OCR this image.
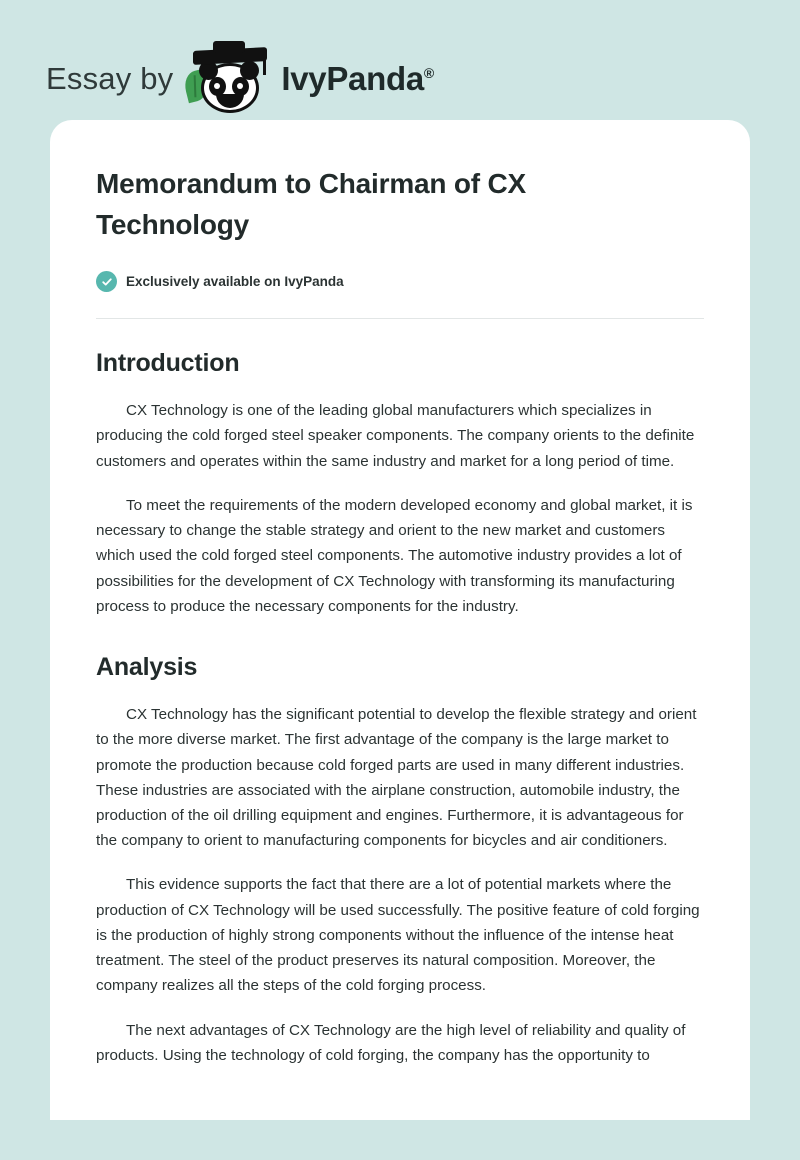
Essay by	IvyPanda®
Memorandum to Chairman of CX Technology
Exclusively available on IvyPanda
Introduction

CX Technology is one of the leading global manufacturers which specializes in producing the cold forged steel speaker components. The company orients to the definite customers and operates within the same industry and market for a long period of time.

To meet the requirements of the modern developed economy and global market, it is necessary to change the stable strategy and orient to the new market and customers which used the cold forged steel components. The automotive industry provides a lot of possibilities for the development of CX Technology with transforming its manufacturing process to produce the necessary components for the industry.

Analysis

CX Technology has the significant potential to develop the flexible strategy and orient to the more diverse market. The first advantage of the company is the large market to promote the production because cold forged parts are used in many different industries. These industries are associated with the airplane construction, automobile industry, the production of the oil drilling equipment and engines. Furthermore, it is advantageous for the company to orient to manufacturing components for bicycles and air conditioners.

This evidence supports the fact that there are a lot of potential markets where the production of CX Technology will be used successfully. The positive feature of cold forging is the production of highly strong components without the influence of the intense heat treatment. The steel of the product preserves its natural composition. Moreover, the company realizes all the steps of the cold forging process.

The next advantages of CX Technology are the high level of reliability and quality of products. Using the technology of cold forging, the company has the opportunity to
